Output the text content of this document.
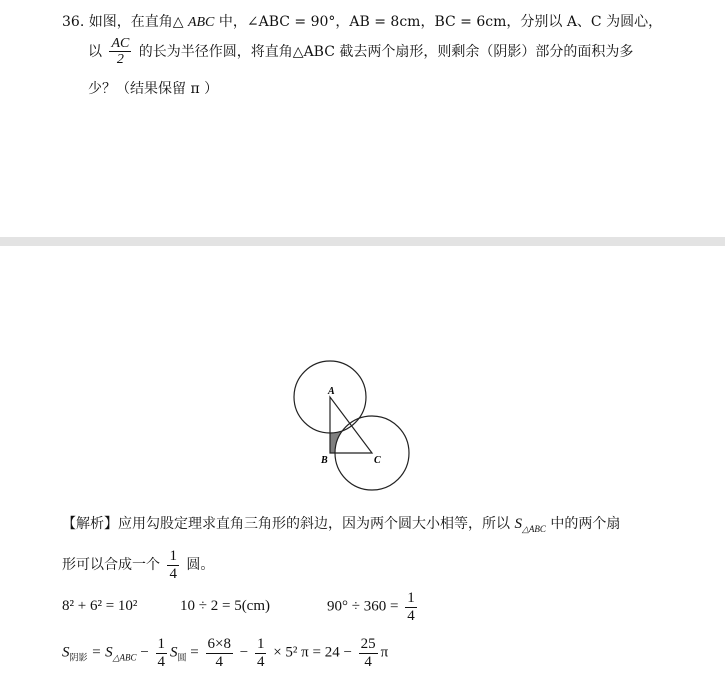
36. 如图，在直角△ ABC 中，∠ABC = 90°，AB = 8cm，BC = 6cm，分别以 A、C 为圆心，
以 $\frac{AC}{2}$ 的长为半径作圆，将直角△ABC 截去两个扇形，则剩余（阴影）部分的面积为多
少？（结果保留 π ）
A
B	C
【解析】应用勾股定理求直角三角形的斜边，因为两个圆大小相等，所以 $S_{\triangle ABC}$ 中的两个扇
形可以合成一个 $\frac{1}{4}$ 圆。
8² + 6² = 10²	10 ÷ 2 = 5(cm)	$90^\circ \div 360 = \frac{1}{4}$
$S_{阴影} = S_{\triangle ABC} - \frac{1}{4} S_圆 = \frac{6\times 8}{4} - \frac{1}{4} \times 5^2$ $\pi = 24 - \frac{25}{4}$ π
